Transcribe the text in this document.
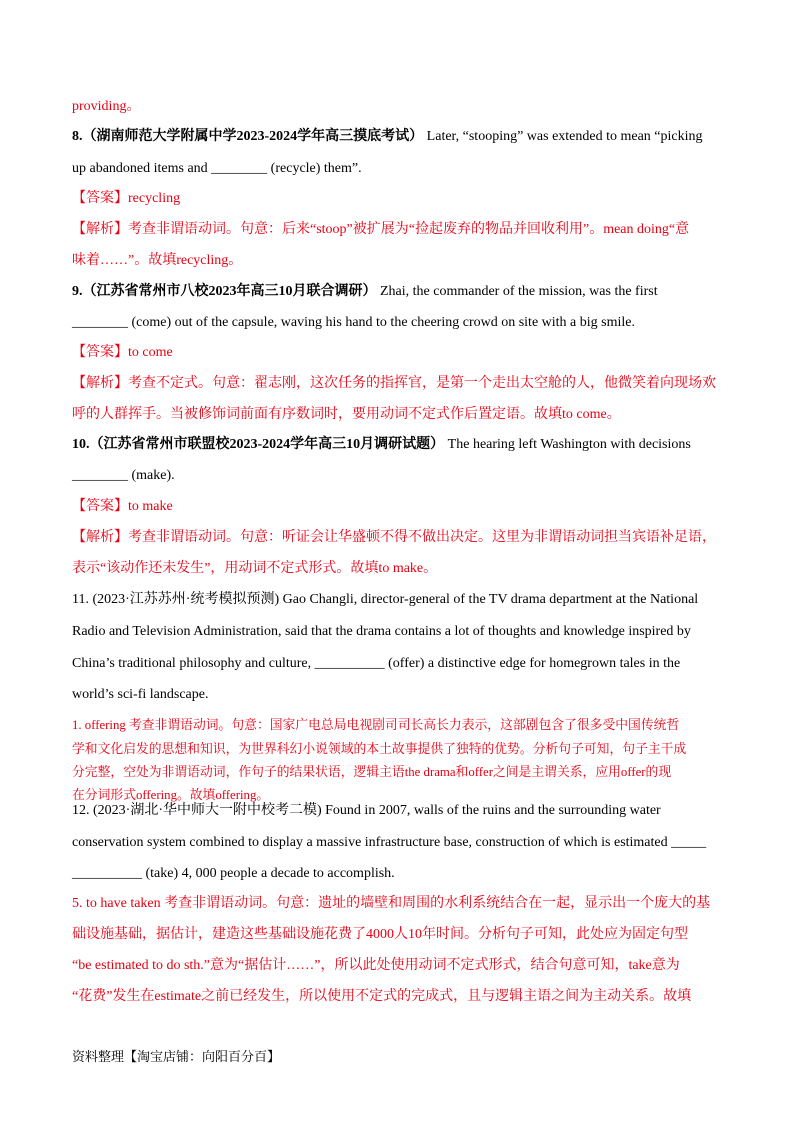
providing。
8.（湖南师范大学附属中学2023-2024学年高三摸底考试） Later, “stooping” was extended to mean “picking
up abandoned items and ________ (recycle) them”.
【答案】recycling
【解析】考查非谓语动词。句意：后来“stoop”被扩展为“捡起废弃的物品并回收利用”。mean doing“意
味着……”。故填recycling。
9.（江苏省常州市八校2023年高三10月联合调研） Zhai, the commander of the mission, was the first
________ (come) out of the capsule, waving his hand to the cheering crowd on site with a big smile.
【答案】to come
【解析】考查不定式。句意：翟志刚，这次任务的指挥官，是第一个走出太空舱的人，他微笑着向现场欢
呼的人群挥手。当被修饰词前面有序数词时，要用动词不定式作后置定语。故填to come。
10.（江苏省常州市联盟校2023-2024学年高三10月调研试题） The hearing left Washington with decisions
________ (make).
【答案】to make
【解析】考查非谓语动词。句意：听证会让华盛顿不得不做出决定。这里为非谓语动词担当宾语补足语，
表示“该动作还未发生”，用动词不定式形式。故填to make。
11. (2023·江苏苏州·统考模拟预测) Gao Changli, director-general of the TV drama department at the National
Radio and Television Administration, said that the drama contains a lot of thoughts and knowledge inspired by
China’s traditional philosophy and culture, __________ (offer) a distinctive edge for homegrown tales in the
world’s sci-fi landscape.
1. offering 考查非谓语动词。句意：国家广电总局电视剧司司长高长力表示，这部剧包含了很多受中国传统哲
学和文化启发的思想和知识，为世界科幻小说领域的本土故事提供了独特的优势。分析句子可知，句子主干成
分完整，空处为非谓语动词，作句子的结果状语，逻辑主语the drama和offer之间是主谓关系，应用offer的现
在分词形式offering。故填offering。
12. (2023·湖北·华中师大一附中校考二模) Found in 2007, walls of the ruins and the surrounding water
conservation system combined to display a massive infrastructure base, construction of which is estimated _____
__________ (take) 4, 000 people a decade to accomplish.
5. to have taken 考查非谓语动词。句意：遗址的墙壁和周围的水利系统结合在一起，显示出一个庞大的基
础设施基础，据估计，建造这些基础设施花费了4000人10年时间。分析句子可知，此处应为固定句型
“be estimated to do sth.”意为“据估计……”，所以此处使用动词不定式形式，结合句意可知，take意为
“花费”发生在estimate之前已经发生，所以使用不定式的完成式，且与逻辑主语之间为主动关系。故填
资料整理【淘宝店铺：向阳百分百】
